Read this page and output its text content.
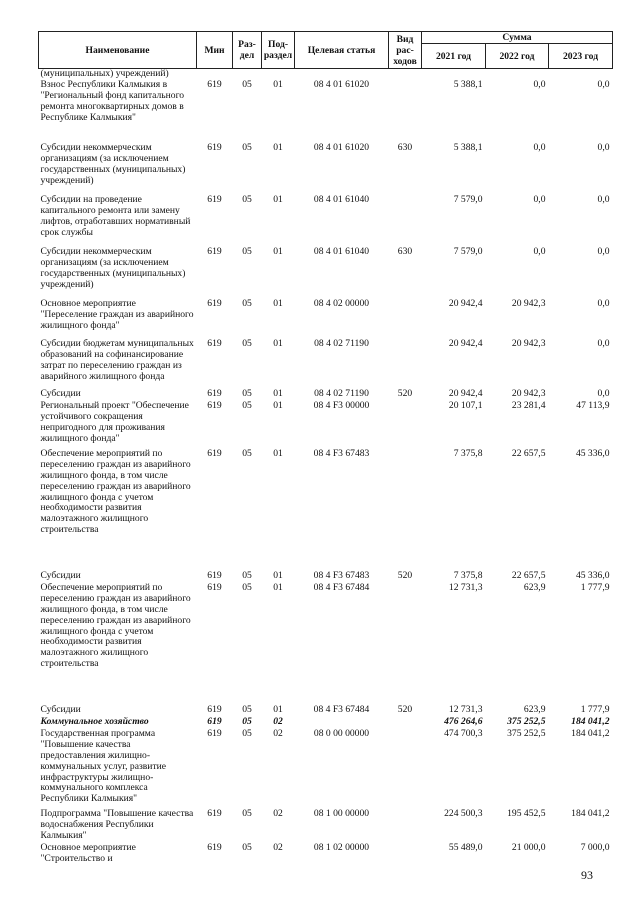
Наименование	Мин	Раз-дел	Под-раздел	Целевая статья	Вид рас-ходов	Сумма		
						2021 год	2022 год	2023 год
(муниципальных) учреждений)								
Взнос Республики Калмыкия в "Региональный фонд капитального ремонта многоквартирных домов в Республике Калмыкия"	619	05	01	08 4 01 61020		5 388,1	0,0	0,0
Субсидии некоммерческим организациям (за исключением государственных (муниципальных) учреждений)	619	05	01	08 4 01 61020	630	5 388,1	0,0	0,0
Субсидии на проведение капитального ремонта или замену лифтов, отработавших нормативный срок службы	619	05	01	08 4 01 61040		7 579,0	0,0	0,0
Субсидии некоммерческим организациям (за исключением государственных (муниципальных) учреждений)	619	05	01	08 4 01 61040	630	7 579,0	0,0	0,0
Основное мероприятие "Переселение граждан из аварийного жилищного фонда"	619	05	01	08 4 02 00000		20 942,4	20 942,3	0,0
Субсидии бюджетам муниципальных образований на софинансирование затрат по переселению граждан из аварийного жилищного фонда	619	05	01	08 4 02 71190		20 942,4	20 942,3	0,0
Субсидии	619	05	01	08 4 02 71190	520	20 942,4	20 942,3	0,0
Региональный проект "Обеспечение устойчивого сокращения непригодного для проживания жилищного фонда"	619	05	01	08 4 F3 00000		20 107,1	23 281,4	47 113,9
Обеспечение мероприятий по переселению граждан из аварийного жилищного фонда, в том числе переселению граждан из аварийного жилищного фонда с учетом необходимости развития малоэтажного жилищного строительства	619	05	01	08 4 F3 67483		7 375,8	22 657,5	45 336,0
Субсидии	619	05	01	08 4 F3 67483	520	7 375,8	22 657,5	45 336,0
Обеспечение мероприятий по переселению граждан из аварийного жилищного фонда, в том числе переселению граждан из аварийного жилищного фонда с учетом необходимости развития малоэтажного жилищного строительства	619	05	01	08 4 F3 67484		12 731,3	623,9	1 777,9
Субсидии	619	05	01	08 4 F3 67484	520	12 731,3	623,9	1 777,9
Коммунальное хозяйство	619	05	02			476 264,6	375 252,5	184 041,2
Государственная программа "Повышение качества предоставления жилищно-коммунальных услуг, развитие инфраструктуры жилищно-коммунального комплекса Республики Калмыкия"	619	05	02	08 0 00 00000		474 700,3	375 252,5	184 041,2
Подпрограмма "Повышение качества водоснабжения Республики Калмыкия"	619	05	02	08 1 00 00000		224 500,3	195 452,5	184 041,2
Основное мероприятие "Строительство и	619	05	02	08 1 02 00000		55 489,0	21 000,0	7 000,0
93
